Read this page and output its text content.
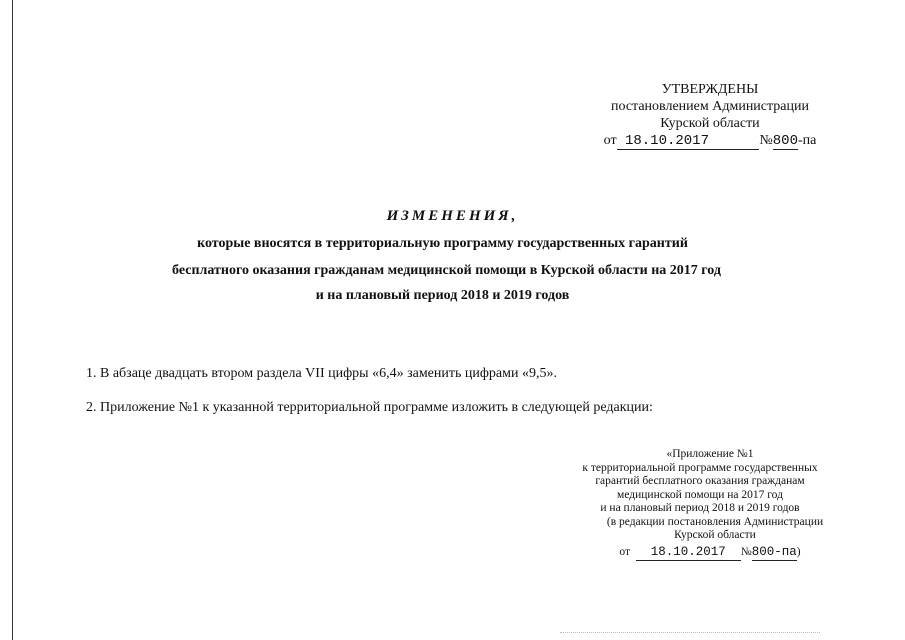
УТВЕРЖДЕНЫ
постановлением Администрации
Курской области
от 18.10.2017	№800-па
ИЗМЕНЕНИЯ,
которые вносятся в территориальную программу государственных гарантий
бесплатного оказания гражданам медицинской помощи в Курской области на 2017 год
и на плановый период 2018 и 2019 годов
1. В абзаце двадцать втором раздела VII цифры «6,4» заменить цифрами «9,5».
2. Приложение №1 к указанной территориальной программе изложить в следующей редакции:
«Приложение №1
к территориальной программе государственных
гарантий бесплатного оказания гражданам
медицинской помощи на 2017 год
и на плановый период 2018 и 2019 годов
(в редакции постановления Администрации
Курской области
от 18.10.2017 №800-па)
